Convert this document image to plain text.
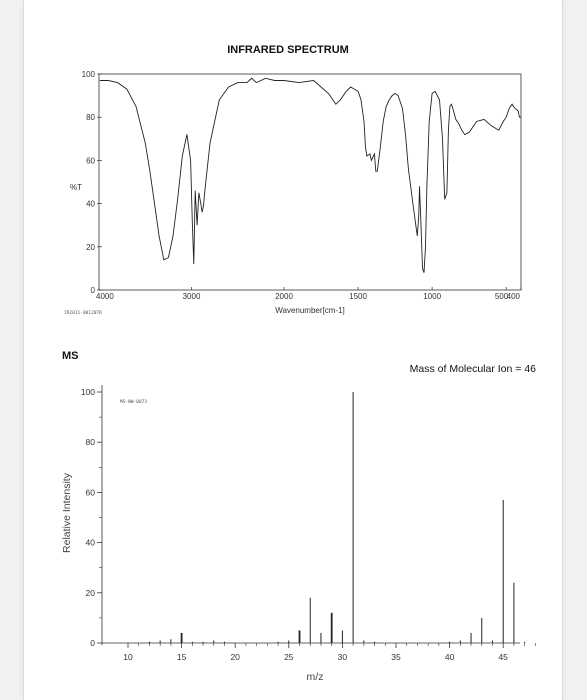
INFRARED SPECTRUM
0
20
40
60
80
100
4000	3000	2000	1500	1000	500
400
%T
Wavenumber[cm-1]
IR2011-00120TK
MS
Mass of Molecular Ion = 46
0
20
40
60
80
100
10	15	20	25	30	35	40	45
MS-NW-0073
Relative Intensity
m/z
